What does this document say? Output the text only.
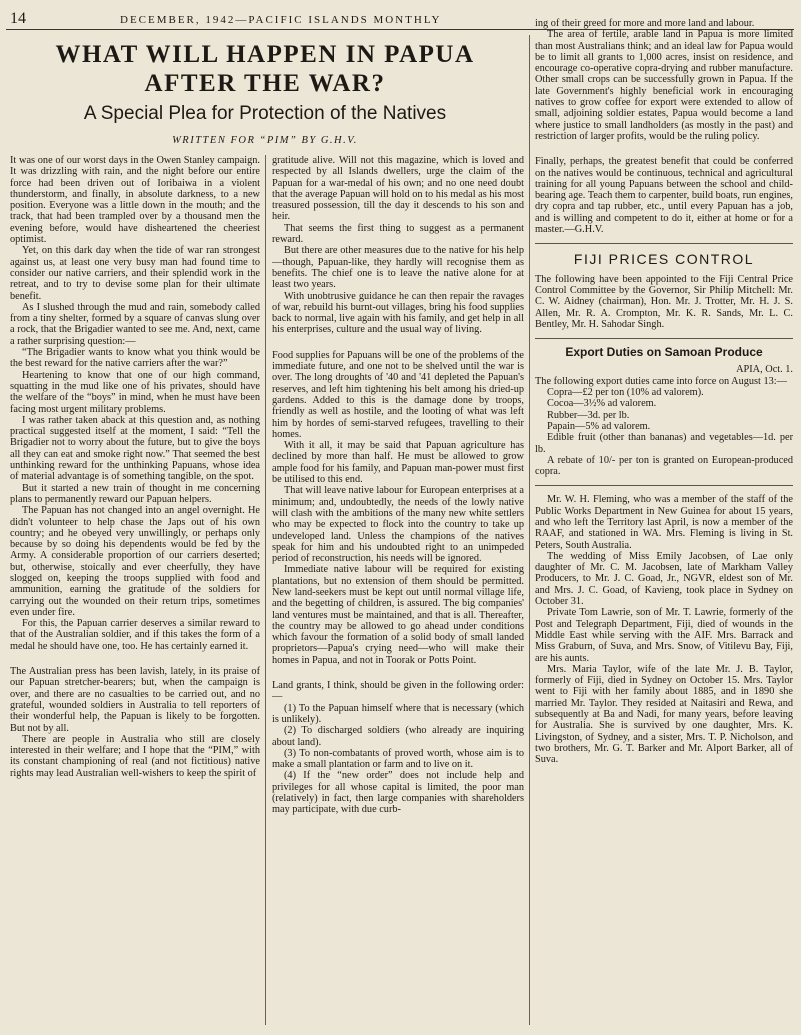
14	DECEMBER, 1942—PACIFIC ISLANDS MONTHLY
WHAT WILL HAPPEN IN PAPUA
AFTER THE WAR?
A Special Plea for Protection of the Natives
WRITTEN FOR “PIM” BY G.H.V.

It was one of our worst days in the Owen Stanley campaign. It was drizzling with rain, and the night before our entire force had been driven out of Ioribaiwa in a violent thunderstorm, and finally, in absolute darkness, to a new position. Everyone was a little down in the mouth; and the track, that had been trampled over by a thousand men the evening before, would have disheartened the cheeriest optimist.

Yet, on this dark day when the tide of war ran strongest against us, at least one very busy man had found time to consider our native carriers, and their splendid work in the retreat, and to try to devise some plan for their ultimate benefit.

As I slushed through the mud and rain, somebody called from a tiny shelter, formed by a square of canvas slung over a rock, that the Brigadier wanted to see me. And, next, came a rather surprising question:—

“The Brigadier wants to know what you think would be the best reward for the native carriers after the war?”

Heartening to know that one of our high command, squatting in the mud like one of his privates, should have the welfare of the “boys” in mind, when he must have been facing most urgent military problems.

I was rather taken aback at this question and, as nothing practical suggested itself at the moment, I said: “Tell the Brigadier not to worry about the future, but to give the boys all they can eat and smoke right now.” That seemed the best unthinking reward for the unthinking Papuans, whose idea of material advantage is of something tangible, on the spot.

But it started a new train of thought in me concerning plans to permanently reward our Papuan helpers.

The Papuan has not changed into an angel overnight. He didn't volunteer to help chase the Japs out of his own country; and he obeyed very unwillingly, or perhaps only because by so doing his dependents would be fed by the Army. A considerable proportion of our carriers deserted; but, otherwise, stoically and ever cheerfully, they have slogged on, keeping the troops supplied with food and ammunition, earning the gratitude of the soldiers for carrying out the wounded on their return trips, sometimes even under fire.

For this, the Papuan carrier deserves a similar reward to that of the Australian soldier, and if this takes the form of a medal he should have one, too. He has certainly earned it.

The Australian press has been lavish, lately, in its praise of our Papuan stretcher-bearers; but, when the campaign is over, and there are no casualties to be carried out, and no grateful, wounded soldiers in Australia to tell reporters of their wonderful help, the Papuan is likely to be forgotten. But not by all.

There are people in Australia who still are closely interested in their welfare; and I hope that the “PIM,” with its constant championing of real (and not fictitious) native rights may lead Australian well-wishers to keep the spirit of

gratitude alive. Will not this magazine, which is loved and respected by all Islands dwellers, urge the claim of the Papuan for a war-medal of his own; and no one need doubt that the average Papuan will hold on to his medal as his most treasured possession, till the day it descends to his son and heir.

That seems the first thing to suggest as a permanent reward.

But there are other measures due to the native for his help—though, Papuan-like, they hardly will recognise them as benefits. The chief one is to leave the native alone for at least two years.

With unobtrusive guidance he can then repair the ravages of war, rebuild his burnt-out villages, bring his food supplies back to normal, live again with his family, and get help in all his enterprises, culture and the usual way of living.

Food supplies for Papuans will be one of the problems of the immediate future, and one not to be shelved until the war is over. The long droughts of '40 and '41 depleted the Papuan's reserves, and left him tightening his belt among his dried-up gardens. Added to this is the damage done by troops, friendly as well as hostile, and the looting of what was left him by hordes of semi-starved refugees, travelling to their homes.

With it all, it may be said that Papuan agriculture has declined by more than half. He must be allowed to grow ample food for his family, and Papuan man-power must first be utilised to this end.

That will leave native labour for European enterprises at a minimum; and, undoubtedly, the needs of the lowly native will clash with the ambitions of the many new white settlers who may be expected to flock into the country to take up undeveloped land. Unless the champions of the natives speak for him and his undoubted right to an unimpeded period of reconstruction, his needs will be ignored.

Immediate native labour will be required for existing plantations, but no extension of them should be permitted. New land-seekers must be kept out until normal village life, and the begetting of children, is assured. The big companies' land ventures must be maintained, and that is all. Thereafter, the country may be allowed to go ahead under conditions which favour the formation of a solid body of small landed proprietors—Papua's crying need—who will make their homes in Papua, and not in Toorak or Potts Point.

Land grants, I think, should be given in the following order:—

(1) To the Papuan himself where that is necessary (which is unlikely).

(2) To discharged soldiers (who already are inquiring about land).

(3) To non-combatants of proved worth, whose aim is to make a small plantation or farm and to live on it.

(4) If the “new order” does not include help and privileges for all whose capital is limited, the poor man (relatively) in fact, then large companies with shareholders may participate, with due curb-

ing of their greed for more and more land and labour.

The area of fertile, arable land in Papua is more limited than most Australians think; and an ideal law for Papua would be to limit all grants to 1,000 acres, insist on residence, and encourage co-operative copra-drying and rubber manufacture. Other small crops can be successfully grown in Papua. If the late Government's highly beneficial work in encouraging natives to grow coffee for export were extended to allow of small, adjoining soldier estates, Papua would become a land where justice to small landholders (as mostly in the past) and restriction of larger profits, would be the ruling policy.

Finally, perhaps, the greatest benefit that could be conferred on the natives would be continuous, technical and agricultural training for all young Papuans between the school and child-bearing age. Teach them to carpenter, build boats, run engines, dry copra and tap rubber, etc., until every Papuan has a job, and is willing and competent to do it, either at home or for a master.—G.H.V.

FIJI PRICES CONTROL

The following have been appointed to the Fiji Central Price Control Committee by the Governor, Sir Philip Mitchell: Mr. C. W. Aidney (chairman), Hon. Mr. J. Trotter, Mr. H. J. S. Allen, Mr. R. A. Crompton, Mr. K. R. Sands, Mr. L. C. Bentley, Mr. H. Sahodar Singh.

Export Duties on Samoan Produce

APIA, Oct. 1.

The following export duties came into force on August 13:—

Copra—£2 per ton (10% ad valorem).

Cocoa—3½% ad valorem.

Rubber—3d. per lb.

Papain—5% ad valorem.

Edible fruit (other than bananas) and vegetables—1d. per lb.

A rebate of 10/- per ton is granted on European-produced copra.

Mr. W. H. Fleming, who was a member of the staff of the Public Works Department in New Guinea for about 15 years, and who left the Territory last April, is now a member of the RAAF, and stationed in WA. Mrs. Fleming is living in St. Peters, South Australia.

The wedding of Miss Emily Jacobsen, of Lae only daughter of Mr. C. M. Jacobsen, late of Markham Valley Producers, to Mr. J. C. Goad, Jr., NGVR, eldest son of Mr. and Mrs. J. C. Goad, of Kavieng, took place in Sydney on October 31.

Private Tom Lawrie, son of Mr. T. Lawrie, formerly of the Post and Telegraph Department, Fiji, died of wounds in the Middle East while serving with the AIF. Mrs. Barrack and Miss Graburn, of Suva, and Mrs. Snow, of Vitilevu Bay, Fiji, are his aunts.

Mrs. Maria Taylor, wife of the late Mr. J. B. Taylor, formerly of Fiji, died in Sydney on October 15. Mrs. Taylor went to Fiji with her family about 1885, and in 1890 she married Mr. Taylor. They resided at Naitasiri and Rewa, and subsequently at Ba and Nadi, for many years, before leaving for Australia. She is survived by one daughter, Mrs. K. Livingston, of Sydney, and a sister, Mrs. T. P. Nicholson, and two brothers, Mr. G. T. Barker and Mr. Alport Barker, all of Suva.
